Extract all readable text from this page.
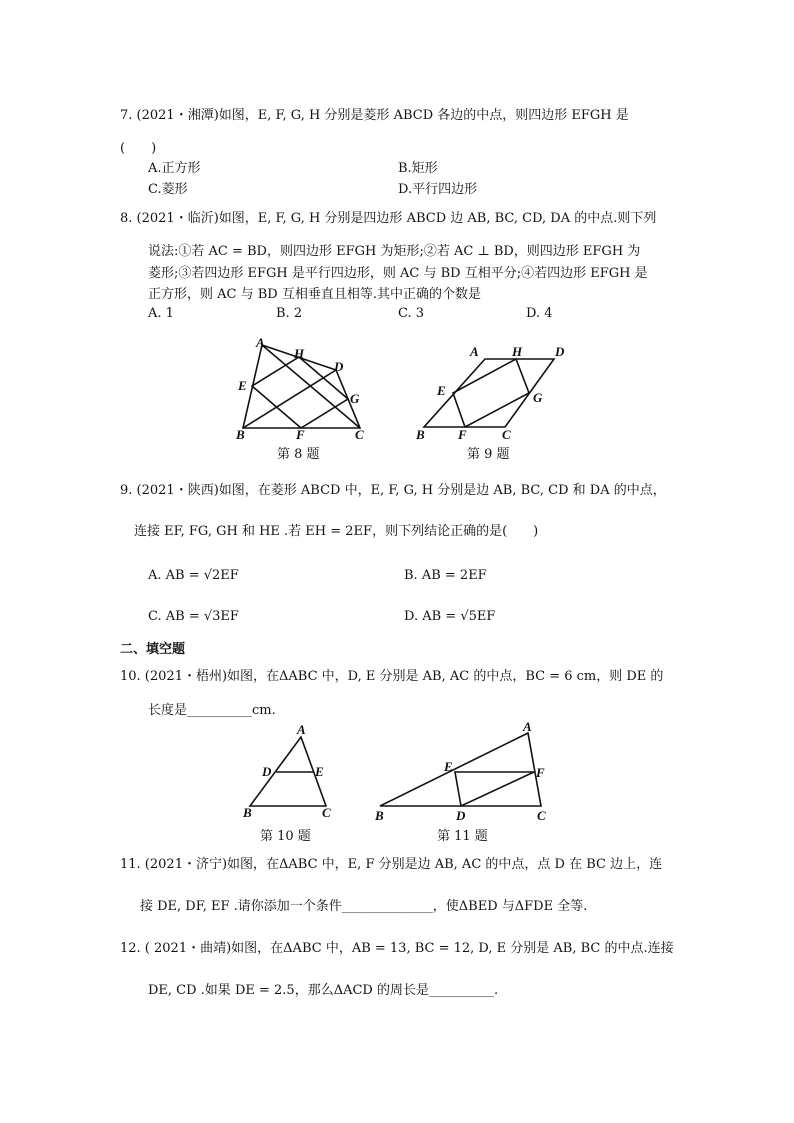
7. (2021・湘潭)如图，E, F, G, H 分别是菱形 ABCD 各边的中点，则四边形 EFGH 是
(　　)
A.正方形	B.矩形
C.菱形	D.平行四边形
8. (2021・临沂)如图，E, F, G, H 分别是四边形 ABCD 边 AB, BC, CD, DA 的中点.则下列
说法:①若 AC = BD，则四边形 EFGH 为矩形;②若 AC ⊥ BD，则四边形 EFGH 为
菱形;③若四边形 EFGH 是平行四边形，则 AC 与 BD 互相平分;④若四边形 EFGH 是
正方形，则 AC 与 BD 互相垂直且相等.其中正确的个数是
A. 1	B. 2	C. 3	D. 4
A
H
D
E
G
B	F	C
第 8 题
A	H	D
E	G
B	F	C
第 9 题
9. (2021・陕西)如图，在菱形 ABCD 中，E, F, G, H 分别是边 AB, BC, CD 和 DA 的中点，
连接 EF, FG, GH 和 HE .若 EH = 2EF，则下列结论正确的是(　　)
A. AB = √2EF	B. AB = 2EF
C. AB = √3EF	D. AB = √5EF
二、填空题
10. (2021・梧州)如图，在ΔABC 中，D, E 分别是 AB, AC 的中点，BC = 6 cm，则 DE 的
长度是__________cm.
A
D	E
B	C
第 10 题
A
E	F
B	D	C
第 11 题
11. (2021・济宁)如图，在ΔABC 中，E, F 分别是边 AB, AC 的中点，点 D 在 BC 边上，连
接 DE, DF, EF .请你添加一个条件______________，使ΔBED 与ΔFDE 全等.
12. ( 2021・曲靖)如图，在ΔABC 中，AB = 13, BC = 12, D, E 分别是 AB, BC 的中点.连接
DE, CD .如果 DE = 2.5，那么ΔACD 的周长是__________.
